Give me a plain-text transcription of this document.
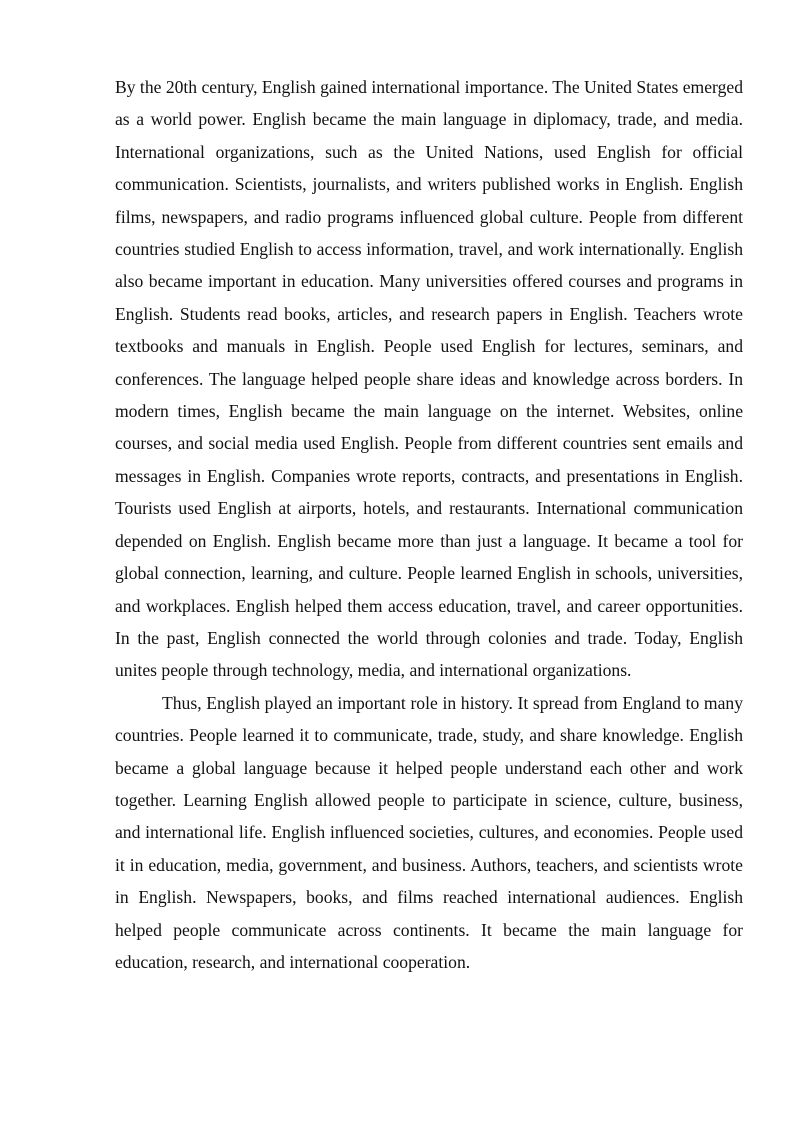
By the 20th century, English gained international importance. The United States emerged as a world power. English became the main language in diplomacy, trade, and media. International organizations, such as the United Nations, used English for official communication. Scientists, journalists, and writers published works in English. English films, newspapers, and radio programs influenced global culture. People from different countries studied English to access information, travel, and work internationally. English also became important in education. Many universities offered courses and programs in English. Students read books, articles, and research papers in English. Teachers wrote textbooks and manuals in English. People used English for lectures, seminars, and conferences. The language helped people share ideas and knowledge across borders. In modern times, English became the main language on the internet. Websites, online courses, and social media used English. People from different countries sent emails and messages in English. Companies wrote reports, contracts, and presentations in English. Tourists used English at airports, hotels, and restaurants. International communication depended on English. English became more than just a language. It became a tool for global connection, learning, and culture. People learned English in schools, universities, and workplaces. English helped them access education, travel, and career opportunities. In the past, English connected the world through colonies and trade. Today, English unites people through technology, media, and international organizations.

Thus, English played an important role in history. It spread from England to many countries. People learned it to communicate, trade, study, and share knowledge. English became a global language because it helped people understand each other and work together. Learning English allowed people to participate in science, culture, business, and international life. English influenced societies, cultures, and economies. People used it in education, media, government, and business. Authors, teachers, and scientists wrote in English. Newspapers, books, and films reached international audiences. English helped people communicate across continents. It became the main language for education, research, and international cooperation.
